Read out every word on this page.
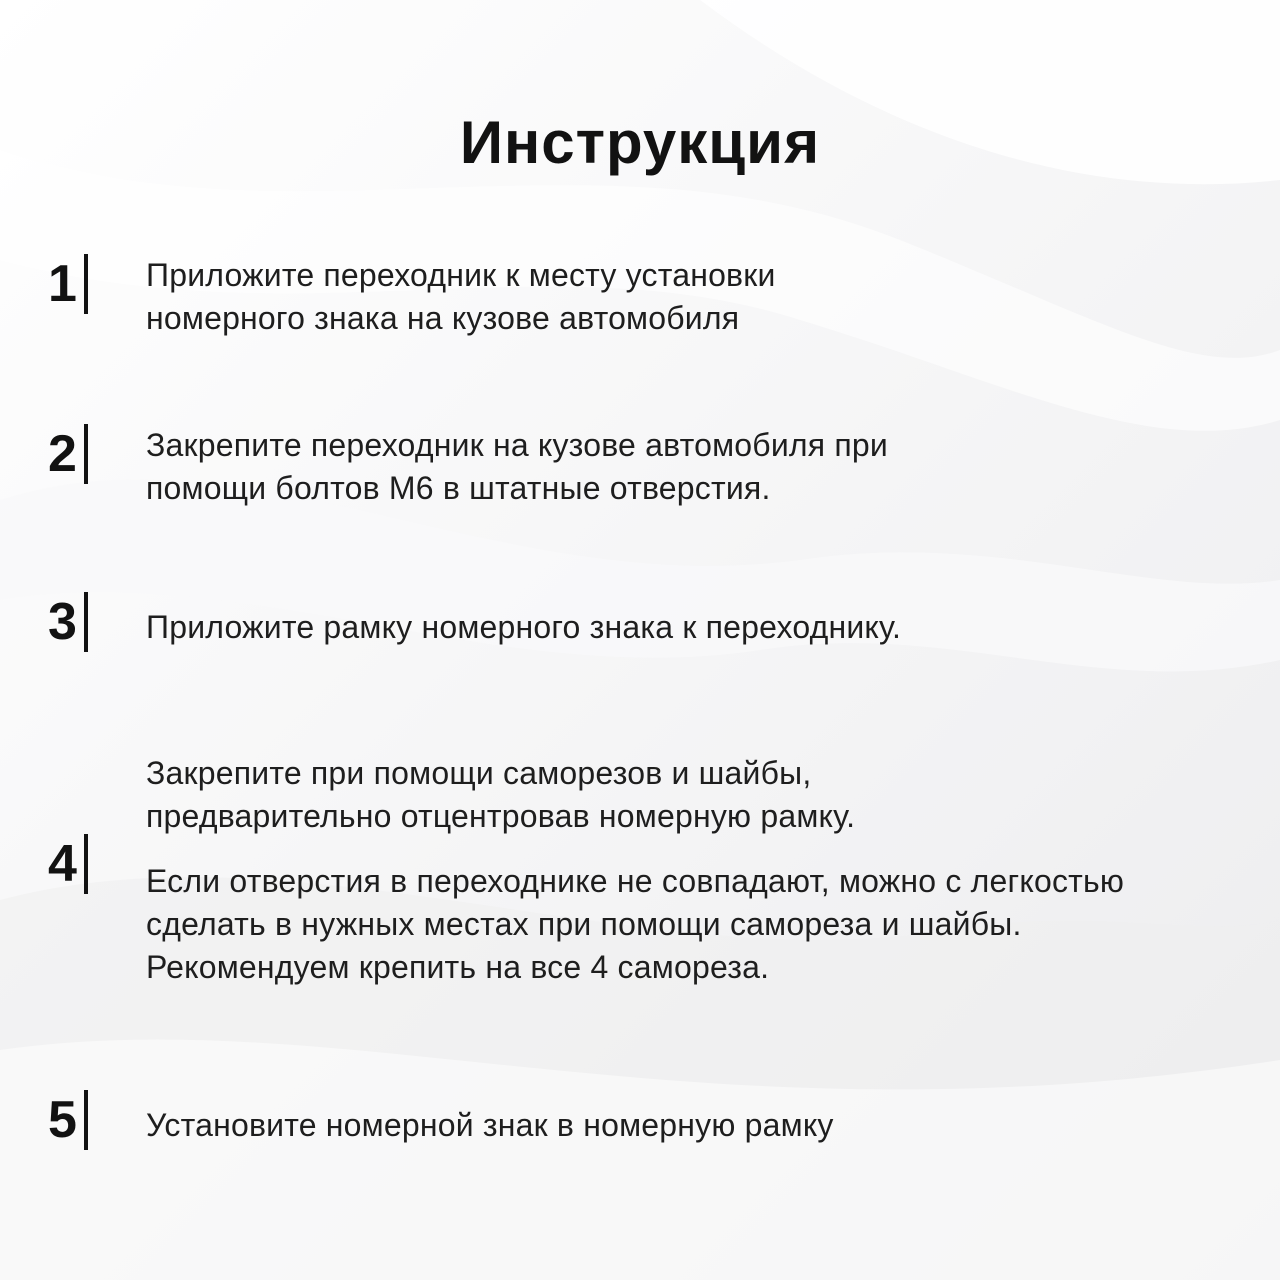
Инструкция
1 Приложите переходник к месту установки номерного знака на кузове автомобиля

2 Закрепите переходник на кузове автомобиля при помощи болтов М6 в штатные отверстия.

3 Приложите рамку номерного знака к переходнику.

4

Закрепите при помощи саморезов и шайбы, предварительно отцентровав номерную рамку.

Если отверстия в переходнике не совпадают, можно с легкостью сделать в нужных местах при помощи самореза и шайбы. Рекомендуем крепить на все 4 самореза.

5 Установите номерной знак в номерную рамку
